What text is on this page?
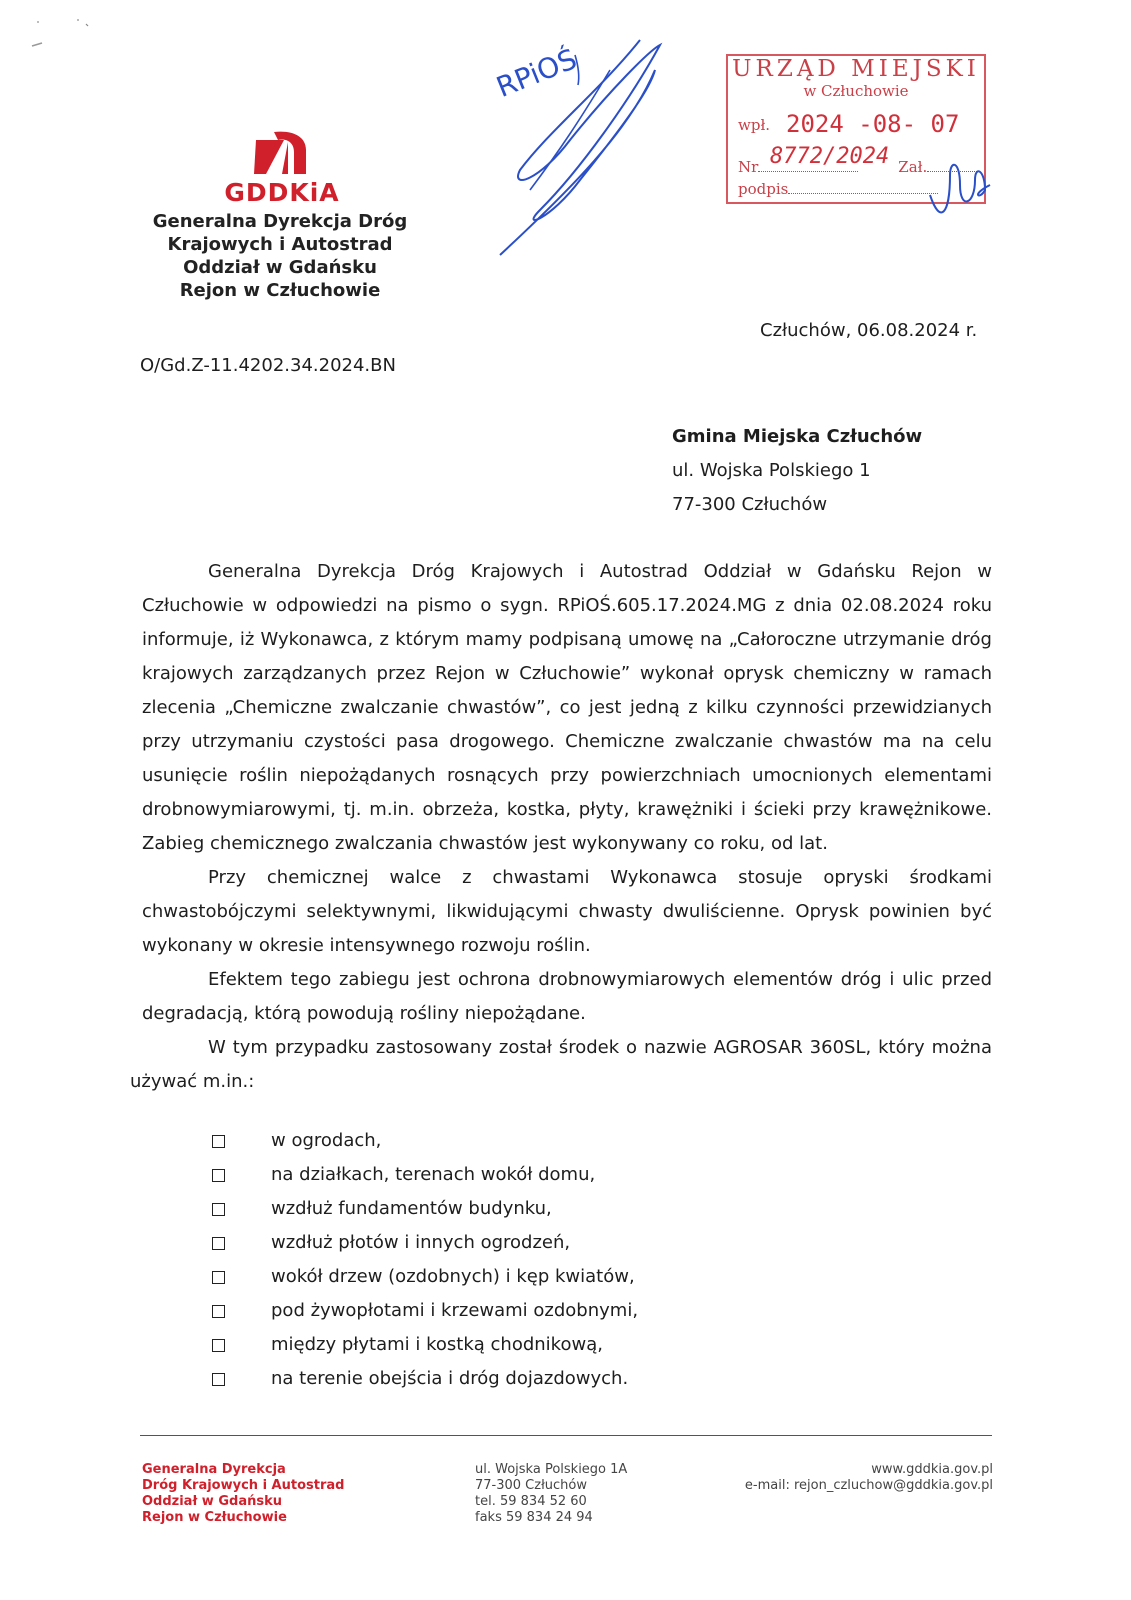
GDDKiA
Generalna Dyrekcja Dróg
Krajowych i Autostrad
Oddział w Gdańsku
Rejon w Człuchowie
RPiOŚ	URZĄD MIEJSKI
w Człuchowie
wpł. 2024 -08- 07
Nr	Zał.
8772/2024
podpis
Człuchów, 06.08.2024 r.
O/Gd.Z-11.4202.34.2024.BN
Gmina Miejska Człuchów
ul. Wojska Polskiego 1
77-300 Człuchów

Generalna Dyrekcja Dróg Krajowych i Autostrad Oddział w Gdańsku Rejon w Człuchowie w odpowiedzi na pismo o sygn. RPiOŚ.605.17.2024.MG z dnia 02.08.2024 roku informuje, iż Wykonawca, z którym mamy podpisaną umowę na „Całoroczne utrzymanie dróg krajowych zarządzanych przez Rejon w Człuchowie” wykonał oprysk chemiczny w ramach zlecenia „Chemiczne zwalczanie chwastów”, co jest jedną z kilku czynności przewidzianych przy utrzymaniu czystości pasa drogowego. Chemiczne zwalczanie chwastów ma na celu usunięcie roślin niepożądanych rosnących przy powierzchniach umocnionych elementami drobnowymiarowymi, tj. m.in. obrzeża, kostka, płyty, krawężniki i ścieki przy krawężnikowe. Zabieg chemicznego zwalczania chwastów jest wykonywany co roku, od lat.

Przy chemicznej walce z chwastami Wykonawca stosuje opryski środkami chwastobójczymi selektywnymi, likwidującymi chwasty dwuliścienne. Oprysk powinien być wykonany w okresie intensywnego rozwoju roślin.

Efektem tego zabiegu jest ochrona drobnowymiarowych elementów dróg i ulic przed degradacją, którą powodują rośliny niepożądane.

W tym przypadku zastosowany został środek o nazwie AGROSAR 360SL, który można używać m.in.:

w ogrodach,
na działkach, terenach wokół domu,
wzdłuż fundamentów budynku,
wzdłuż płotów i innych ogrodzeń,
wokół drzew (ozdobnych) i kęp kwiatów,
pod żywopłotami i krzewami ozdobnymi,
między płytami i kostką chodnikową,
na terenie obejścia i dróg dojazdowych.
Generalna Dyrekcja
Dróg Krajowych i Autostrad
Oddział w Gdańsku
Rejon w Człuchowie
ul. Wojska Polskiego 1A
77-300 Człuchów
tel. 59 834 52 60
faks 59 834 24 94
www.gddkia.gov.pl
e-mail: rejon_czluchow@gddkia.gov.pl
